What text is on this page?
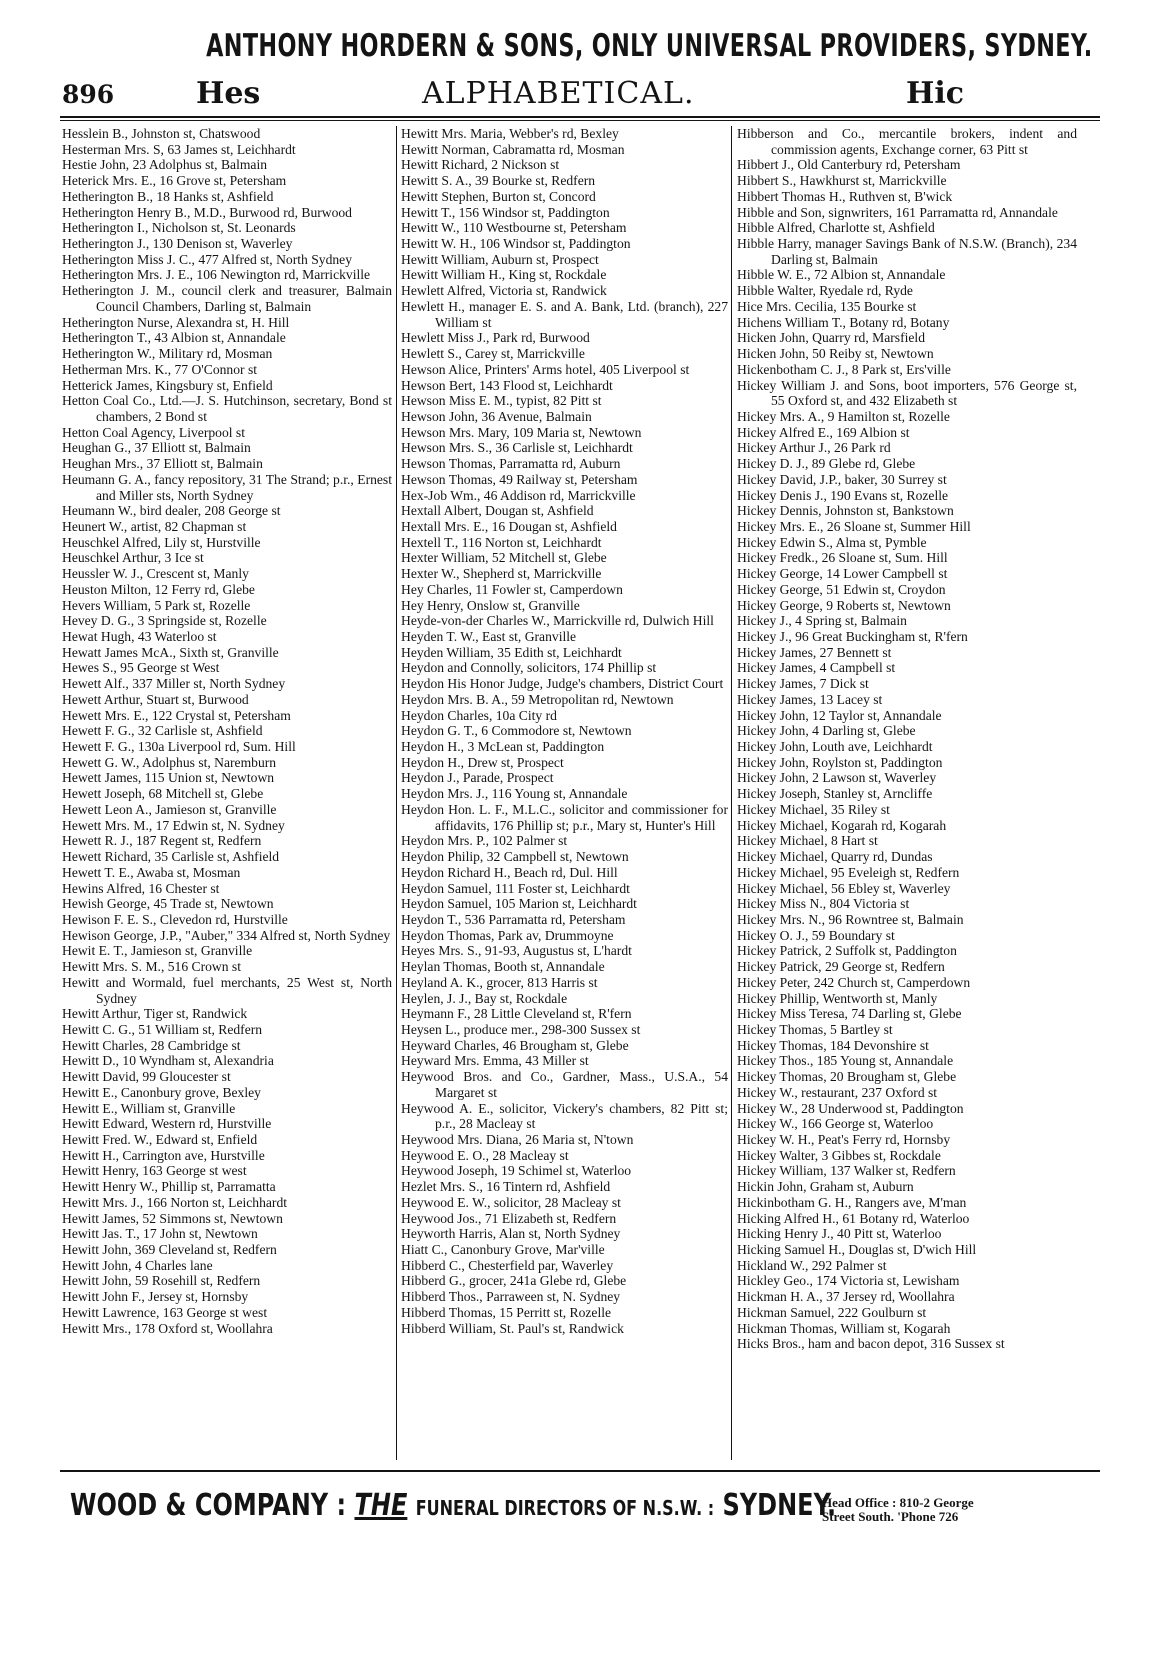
ANTHONY HORDERN & SONS, ONLY UNIVERSAL PROVIDERS, SYDNEY.
896	Hes	ALPHABETICAL.	Hic
Hesslein B., Johnston st, Chatswood
Hesterman Mrs. S, 63 James st, Leichhardt
Hestie John, 23 Adolphus st, Balmain
Heterick Mrs. E., 16 Grove st, Petersham
Hetherington B., 18 Hanks st, Ashfield
Hetherington Henry B., M.D., Burwood rd, Burwood
Hetherington I., Nicholson st, St. Leonards
Hetherington J., 130 Denison st, Waverley
Hetherington Miss J. C., 477 Alfred st, North Sydney
Hetherington Mrs. J. E., 106 Newington rd, Marrickville
Hetherington J. M., council clerk and treasurer, Balmain Council Chambers, Darling st, Balmain
Hetherington Nurse, Alexandra st, H. Hill
Hetherington T., 43 Albion st, Annandale
Hetherington W., Military rd, Mosman
Hetherman Mrs. K., 77 O'Connor st
Hetterick James, Kingsbury st, Enfield
Hetton Coal Co., Ltd.—J. S. Hutchinson, secretary, Bond st chambers, 2 Bond st
Hetton Coal Agency, Liverpool st
Heughan G., 37 Elliott st, Balmain
Heughan Mrs., 37 Elliott st, Balmain
Heumann G. A., fancy repository, 31 The Strand; p.r., Ernest and Miller sts, North Sydney
Heumann W., bird dealer, 208 George st
Heunert W., artist, 82 Chapman st
Heuschkel Alfred, Lily st, Hurstville
Heuschkel Arthur, 3 Ice st
Heussler W. J., Crescent st, Manly
Heuston Milton, 12 Ferry rd, Glebe
Hevers William, 5 Park st, Rozelle
Hevey D. G., 3 Springside st, Rozelle
Hewat Hugh, 43 Waterloo st
Hewatt James McA., Sixth st, Granville
Hewes S., 95 George st West
Hewett Alf., 337 Miller st, North Sydney
Hewett Arthur, Stuart st, Burwood
Hewett Mrs. E., 122 Crystal st, Petersham
Hewett F. G., 32 Carlisle st, Ashfield
Hewett F. G., 130a Liverpool rd, Sum. Hill
Hewett G. W., Adolphus st, Naremburn
Hewett James, 115 Union st, Newtown
Hewett Joseph, 68 Mitchell st, Glebe
Hewett Leon A., Jamieson st, Granville
Hewett Mrs. M., 17 Edwin st, N. Sydney
Hewett R. J., 187 Regent st, Redfern
Hewett Richard, 35 Carlisle st, Ashfield
Hewett T. E., Awaba st, Mosman
Hewins Alfred, 16 Chester st
Hewish George, 45 Trade st, Newtown
Hewison F. E. S., Clevedon rd, Hurstville
Hewison George, J.P., "Auber," 334 Alfred st, North Sydney
Hewit E. T., Jamieson st, Granville
Hewitt Mrs. S. M., 516 Crown st
Hewitt and Wormald, fuel merchants, 25 West st, North Sydney
Hewitt Arthur, Tiger st, Randwick
Hewitt C. G., 51 William st, Redfern
Hewitt Charles, 28 Cambridge st
Hewitt D., 10 Wyndham st, Alexandria
Hewitt David, 99 Gloucester st
Hewitt E., Canonbury grove, Bexley
Hewitt E., William st, Granville
Hewitt Edward, Western rd, Hurstville
Hewitt Fred. W., Edward st, Enfield
Hewitt H., Carrington ave, Hurstville
Hewitt Henry, 163 George st west
Hewitt Henry W., Phillip st, Parramatta
Hewitt Mrs. J., 166 Norton st, Leichhardt
Hewitt James, 52 Simmons st, Newtown
Hewitt Jas. T., 17 John st, Newtown
Hewitt John, 369 Cleveland st, Redfern
Hewitt John, 4 Charles lane
Hewitt John, 59 Rosehill st, Redfern
Hewitt John F., Jersey st, Hornsby
Hewitt Lawrence, 163 George st west
Hewitt Mrs., 178 Oxford st, Woollahra
Hewitt Mrs. Maria, Webber's rd, Bexley
Hewitt Norman, Cabramatta rd, Mosman
Hewitt Richard, 2 Nickson st
Hewitt S. A., 39 Bourke st, Redfern
Hewitt Stephen, Burton st, Concord
Hewitt T., 156 Windsor st, Paddington
Hewitt W., 110 Westbourne st, Petersham
Hewitt W. H., 106 Windsor st, Paddington
Hewitt William, Auburn st, Prospect
Hewitt William H., King st, Rockdale
Hewlett Alfred, Victoria st, Randwick
Hewlett H., manager E. S. and A. Bank, Ltd. (branch), 227 William st
Hewlett Miss J., Park rd, Burwood
Hewlett S., Carey st, Marrickville
Hewson Alice, Printers' Arms hotel, 405 Liverpool st
Hewson Bert, 143 Flood st, Leichhardt
Hewson Miss E. M., typist, 82 Pitt st
Hewson John, 36 Avenue, Balmain
Hewson Mrs. Mary, 109 Maria st, Newtown
Hewson Mrs. S., 36 Carlisle st, Leichhardt
Hewson Thomas, Parramatta rd, Auburn
Hewson Thomas, 49 Railway st, Petersham
Hex-Job Wm., 46 Addison rd, Marrickville
Hextall Albert, Dougan st, Ashfield
Hextall Mrs. E., 16 Dougan st, Ashfield
Hextell T., 116 Norton st, Leichhardt
Hexter William, 52 Mitchell st, Glebe
Hexter W., Shepherd st, Marrickville
Hey Charles, 11 Fowler st, Camperdown
Hey Henry, Onslow st, Granville
Heyde-von-der Charles W., Marrickville rd, Dulwich Hill
Heyden T. W., East st, Granville
Heyden William, 35 Edith st, Leichhardt
Heydon and Connolly, solicitors, 174 Phillip st
Heydon His Honor Judge, Judge's chambers, District Court
Heydon Mrs. B. A., 59 Metropolitan rd, Newtown
Heydon Charles, 10a City rd
Heydon G. T., 6 Commodore st, Newtown
Heydon H., 3 McLean st, Paddington
Heydon H., Drew st, Prospect
Heydon J., Parade, Prospect
Heydon Mrs. J., 116 Young st, Annandale
Heydon Hon. L. F., M.L.C., solicitor and commissioner for affidavits, 176 Phillip st; p.r., Mary st, Hunter's Hill
Heydon Mrs. P., 102 Palmer st
Heydon Philip, 32 Campbell st, Newtown
Heydon Richard H., Beach rd, Dul. Hill
Heydon Samuel, 111 Foster st, Leichhardt
Heydon Samuel, 105 Marion st, Leichhardt
Heydon T., 536 Parramatta rd, Petersham
Heydon Thomas, Park av, Drummoyne
Heyes Mrs. S., 91-93, Augustus st, L'hardt
Heylan Thomas, Booth st, Annandale
Heyland A. K., grocer, 813 Harris st
Heylen, J. J., Bay st, Rockdale
Heymann F., 28 Little Cleveland st, R'fern
Heysen L., produce mer., 298-300 Sussex st
Heyward Charles, 46 Brougham st, Glebe
Heyward Mrs. Emma, 43 Miller st
Heywood Bros. and Co., Gardner, Mass., U.S.A., 54 Margaret st
Heywood A. E., solicitor, Vickery's chambers, 82 Pitt st; p.r., 28 Macleay st
Heywood Mrs. Diana, 26 Maria st, N'town
Heywood E. O., 28 Macleay st
Heywood Joseph, 19 Schimel st, Waterloo
Hezlet Mrs. S., 16 Tintern rd, Ashfield
Heywood E. W., solicitor, 28 Macleay st
Heywood Jos., 71 Elizabeth st, Redfern
Heyworth Harris, Alan st, North Sydney
Hiatt C., Canonbury Grove, Mar'ville
Hibberd C., Chesterfield par, Waverley
Hibberd G., grocer, 241a Glebe rd, Glebe
Hibberd Thos., Parraween st, N. Sydney
Hibberd Thomas, 15 Perritt st, Rozelle
Hibberd William, St. Paul's st, Randwick
Hibberson and Co., mercantile brokers, indent and commission agents, Exchange corner, 63 Pitt st
Hibbert J., Old Canterbury rd, Petersham
Hibbert S., Hawkhurst st, Marrickville
Hibbert Thomas H., Ruthven st, B'wick
Hibble and Son, signwriters, 161 Parramatta rd, Annandale
Hibble Alfred, Charlotte st, Ashfield
Hibble Harry, manager Savings Bank of N.S.W. (Branch), 234 Darling st, Balmain
Hibble W. E., 72 Albion st, Annandale
Hibble Walter, Ryedale rd, Ryde
Hice Mrs. Cecilia, 135 Bourke st
Hichens William T., Botany rd, Botany
Hicken John, Quarry rd, Marsfield
Hicken John, 50 Reiby st, Newtown
Hickenbotham C. J., 8 Park st, Ers'ville
Hickey William J. and Sons, boot importers, 576 George st, 55 Oxford st, and 432 Elizabeth st
Hickey Mrs. A., 9 Hamilton st, Rozelle
Hickey Alfred E., 169 Albion st
Hickey Arthur J., 26 Park rd
Hickey D. J., 89 Glebe rd, Glebe
Hickey David, J.P., baker, 30 Surrey st
Hickey Denis J., 190 Evans st, Rozelle
Hickey Dennis, Johnston st, Bankstown
Hickey Mrs. E., 26 Sloane st, Summer Hill
Hickey Edwin S., Alma st, Pymble
Hickey Fredk., 26 Sloane st, Sum. Hill
Hickey George, 14 Lower Campbell st
Hickey George, 51 Edwin st, Croydon
Hickey George, 9 Roberts st, Newtown
Hickey J., 4 Spring st, Balmain
Hickey J., 96 Great Buckingham st, R'fern
Hickey James, 27 Bennett st
Hickey James, 4 Campbell st
Hickey James, 7 Dick st
Hickey James, 13 Lacey st
Hickey John, 12 Taylor st, Annandale
Hickey John, 4 Darling st, Glebe
Hickey John, Louth ave, Leichhardt
Hickey John, Roylston st, Paddington
Hickey John, 2 Lawson st, Waverley
Hickey Joseph, Stanley st, Arncliffe
Hickey Michael, 35 Riley st
Hickey Michael, Kogarah rd, Kogarah
Hickey Michael, 8 Hart st
Hickey Michael, Quarry rd, Dundas
Hickey Michael, 95 Eveleigh st, Redfern
Hickey Michael, 56 Ebley st, Waverley
Hickey Miss N., 804 Victoria st
Hickey Mrs. N., 96 Rowntree st, Balmain
Hickey O. J., 59 Boundary st
Hickey Patrick, 2 Suffolk st, Paddington
Hickey Patrick, 29 George st, Redfern
Hickey Peter, 242 Church st, Camperdown
Hickey Phillip, Wentworth st, Manly
Hickey Miss Teresa, 74 Darling st, Glebe
Hickey Thomas, 5 Bartley st
Hickey Thomas, 184 Devonshire st
Hickey Thos., 185 Young st, Annandale
Hickey Thomas, 20 Brougham st, Glebe
Hickey W., restaurant, 237 Oxford st
Hickey W., 28 Underwood st, Paddington
Hickey W., 166 George st, Waterloo
Hickey W. H., Peat's Ferry rd, Hornsby
Hickey Walter, 3 Gibbes st, Rockdale
Hickey William, 137 Walker st, Redfern
Hickin John, Graham st, Auburn
Hickinbotham G. H., Rangers ave, M'man
Hicking Alfred H., 61 Botany rd, Waterloo
Hicking Henry J., 40 Pitt st, Waterloo
Hicking Samuel H., Douglas st, D'wich Hill
Hickland W., 292 Palmer st
Hickley Geo., 174 Victoria st, Lewisham
Hickman H. A., 37 Jersey rd, Woollahra
Hickman Samuel, 222 Goulburn st
Hickman Thomas, William st, Kogarah
Hicks Bros., ham and bacon depot, 316 Sussex st
WOOD & COMPANY : THE FUNERAL DIRECTORS OF N.S.W. : SYDNEY.
Head Office : 810-2 George
Street South. 'Phone 726
